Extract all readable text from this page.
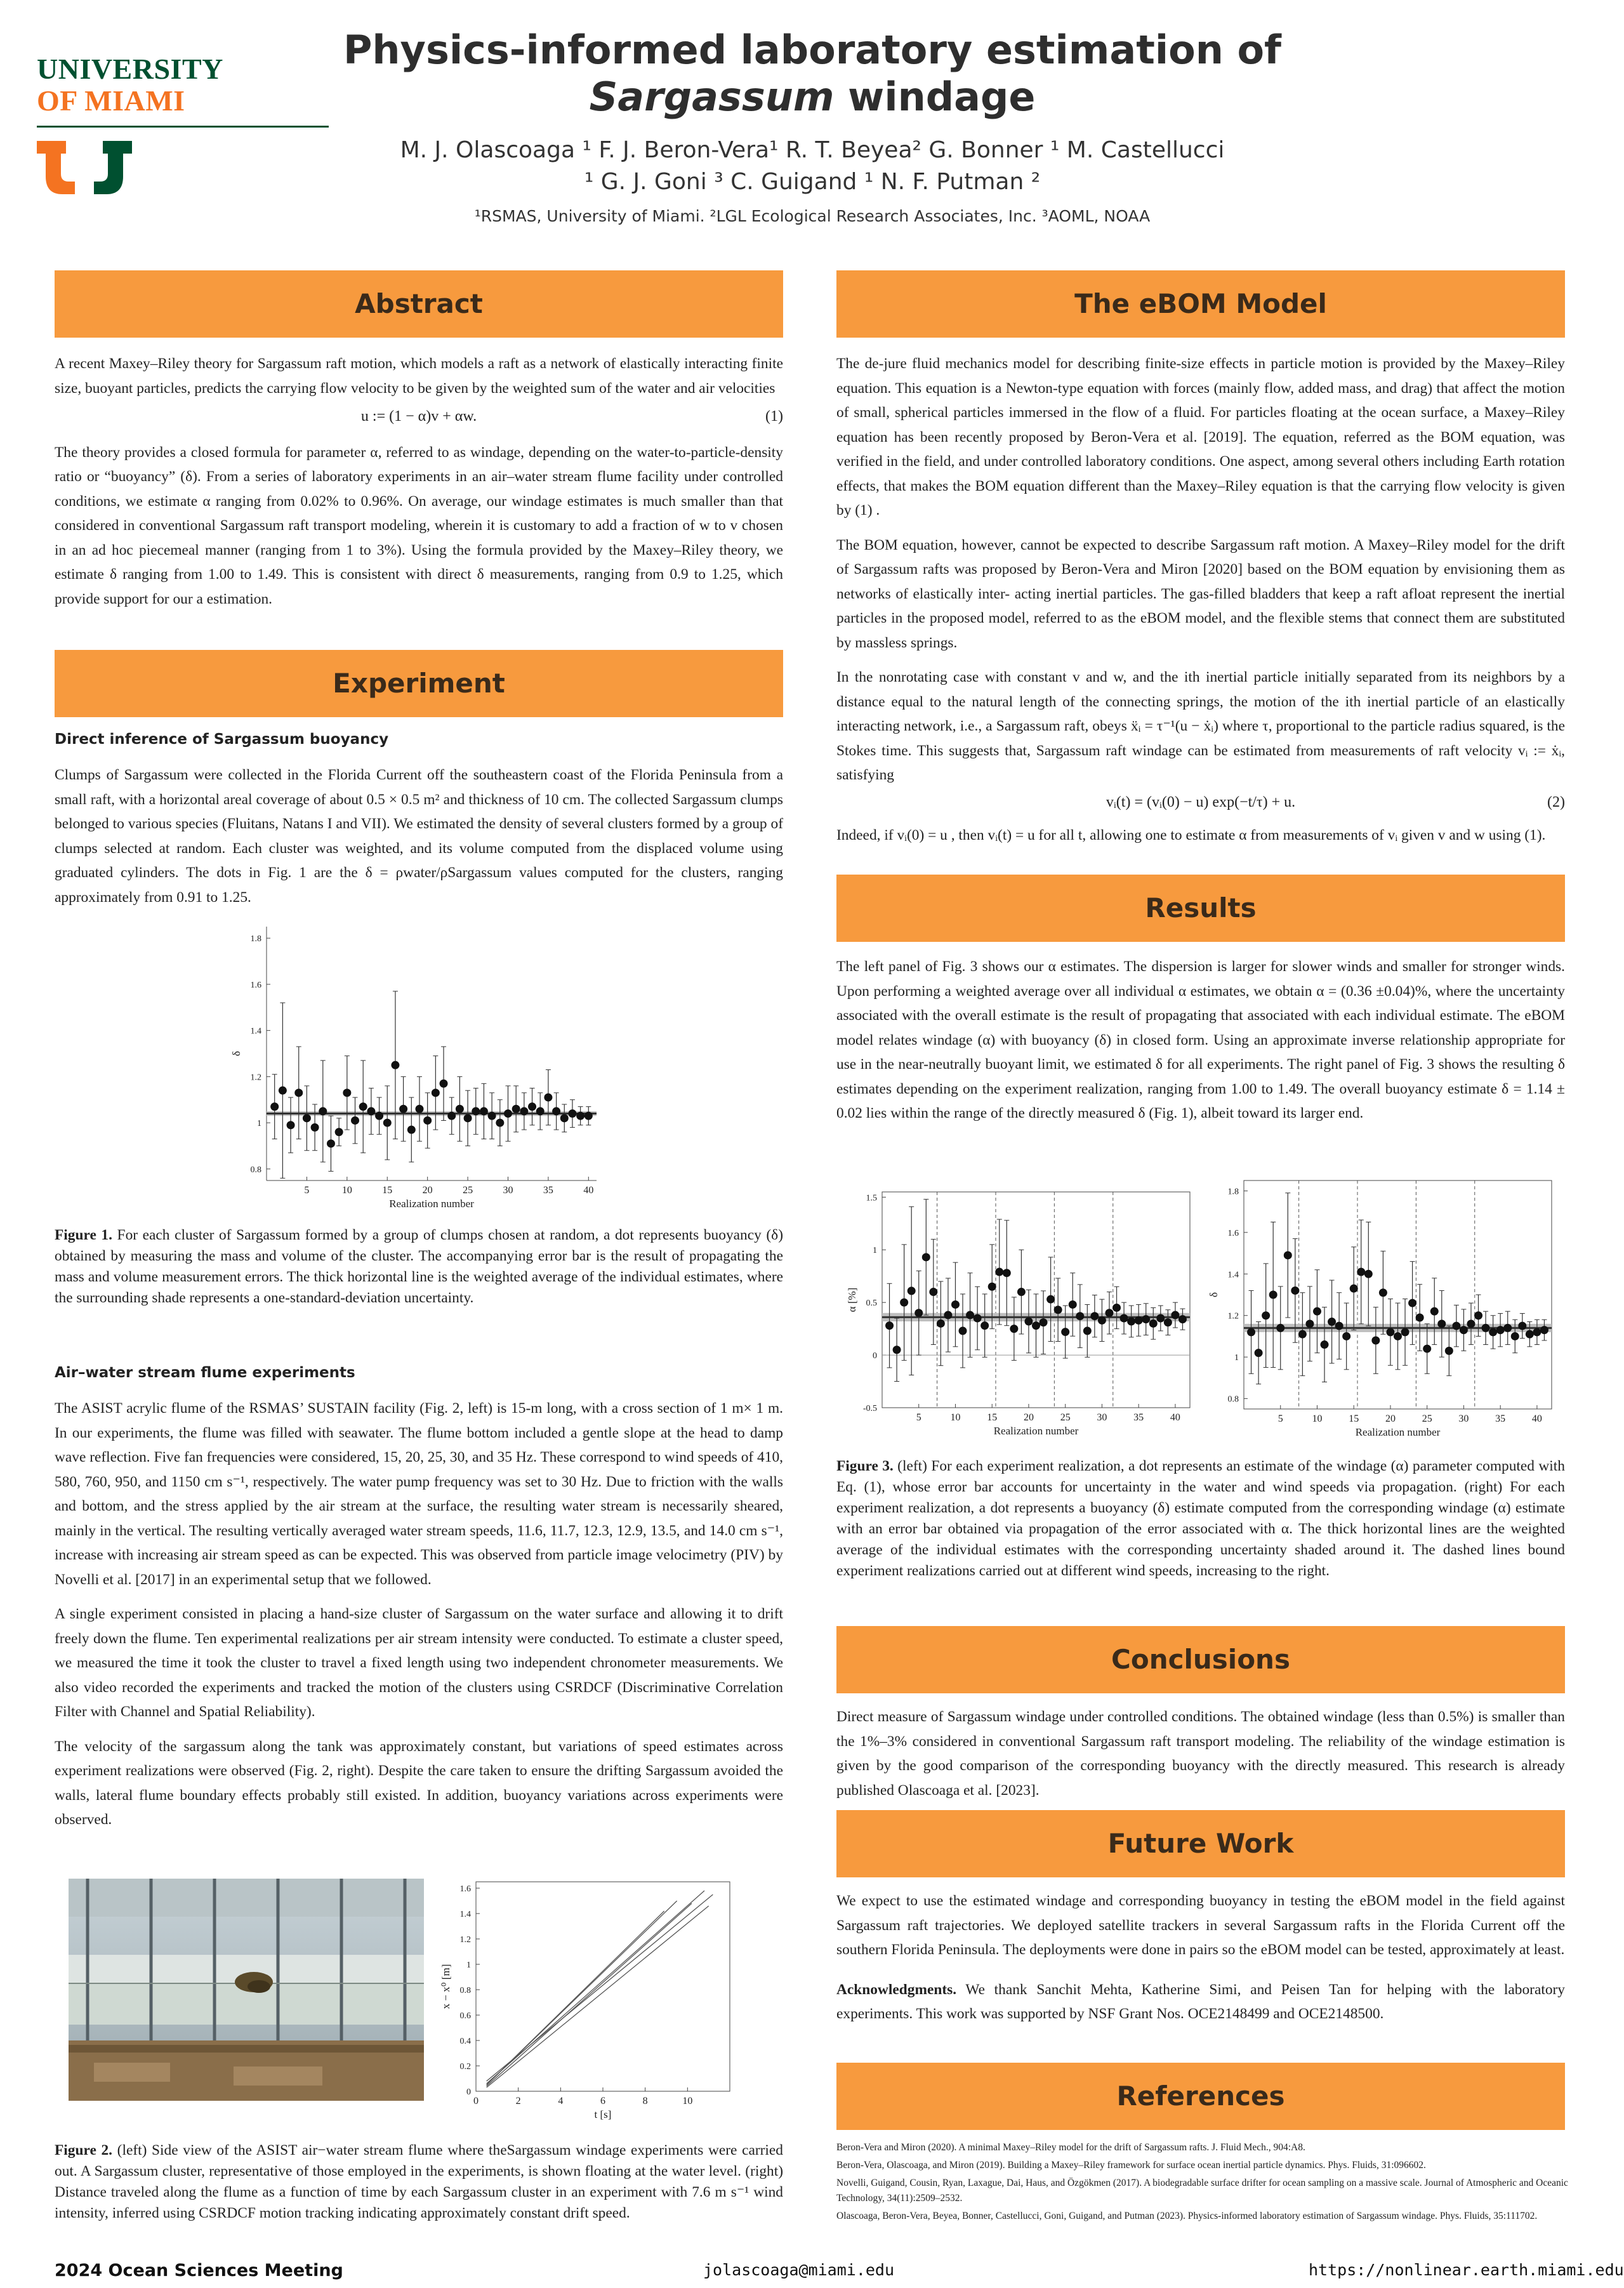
UNIVERSITY
OF MIAMI
Physics-informed laboratory estimation of
Sargassum windage
M. J. Olascoaga ¹ F. J. Beron-Vera¹ R. T. Beyea² G. Bonner ¹ M. Castellucci
¹ G. J. Goni ³ C. Guigand ¹ N. F. Putman ²
¹RSMAS, University of Miami. ²LGL Ecological Research Associates, Inc. ³AOML, NOAA
Abstract

A recent Maxey–Riley theory for Sargassum raft motion, which models a raft as a network of elastically interacting finite size, buoyant particles, predicts the carrying flow velocity to be given by the weighted sum of the water and air velocities

u := (1 − α)v + αw.	(1)

The theory provides a closed formula for parameter α, referred to as windage, depending on the water-to-particle-density ratio or “buoyancy” (δ). From a series of laboratory experiments in an air–water stream flume facility under controlled conditions, we estimate α ranging from 0.02% to 0.96%. On average, our windage estimates is much smaller than that considered in conventional Sargassum raft transport modeling, wherein it is customary to add a fraction of w to v chosen in an ad hoc piecemeal manner (ranging from 1 to 3%). Using the formula provided by the Maxey–Riley theory, we estimate δ ranging from 1.00 to 1.49. This is consistent with direct δ measurements, ranging from 0.9 to 1.25, which provide support for our a estimation.

Experiment
Direct inference of Sargassum buoyancy
Clumps of Sargassum were collected in the Florida Current off the southeastern coast of the Florida Peninsula from a small raft, with a horizontal areal coverage of about 0.5 × 0.5 m² and thickness of 10 cm. The collected Sargassum clumps belonged to various species (Fluitans, Natans I and VII). We estimated the density of several clusters formed by a group of clumps selected at random. Each cluster was weighted, and its volume computed from the displaced volume using graduated cylinders. The dots in Fig. 1 are the δ = ρwater/ρSargassum values computed for the clusters, ranging approximately from 0.91 to 1.25.
5	10	15	20	25	30	35	40
0.8
1
1.2
1.4
1.6
1.8
Realization number
δ
Figure 1. For each cluster of Sargassum formed by a group of clumps chosen at random, a dot represents buoyancy (δ) obtained by measuring the mass and volume of the cluster. The accompanying error bar is the result of propagating the mass and volume measurement errors. The thick horizontal line is the weighted average of the individual estimates, where the surrounding shade represents a one-standard-deviation uncertainty.
Air–water stream flume experiments

The ASIST acrylic flume of the RSMAS’ SUSTAIN facility (Fig. 2, left) is 15-m long, with a cross section of 1 m× 1 m. In our experiments, the flume was filled with seawater. The flume bottom included a gentle slope at the head to damp wave reflection. Five fan frequencies were considered, 15, 20, 25, 30, and 35 Hz. These correspond to wind speeds of 410, 580, 760, 950, and 1150 cm s⁻¹, respectively. The water pump frequency was set to 30 Hz. Due to friction with the walls and bottom, and the stress applied by the air stream at the surface, the resulting water stream is necessarily sheared, mainly in the vertical. The resulting vertically averaged water stream speeds, 11.6, 11.7, 12.3, 12.9, 13.5, and 14.0 cm s⁻¹, increase with increasing air stream speed as can be expected. This was observed from particle image velocimetry (PIV) by Novelli et al. [2017] in an experimental setup that we followed.

A single experiment consisted in placing a hand-size cluster of Sargassum on the water surface and allowing it to drift freely down the flume. Ten experimental realizations per air stream intensity were conducted. To estimate a cluster speed, we measured the time it took the cluster to travel a fixed length using two independent chronometer measurements. We also video recorded the experiments and tracked the motion of the clusters using CSRDCF (Discriminative Correlation Filter with Channel and Spatial Reliability).

The velocity of the sargassum along the tank was approximately constant, but variations of speed estimates across experiment realizations were observed (Fig. 2, right). Despite the care taken to ensure the drifting Sargassum avoided the walls, lateral flume boundary effects probably still existed. In addition, buoyancy variations across experiments were observed.

0	2	4	6	8	10
0
0.2
0.4
0.6
0.8
1
1.2
1.4
1.6
t [s]
x − x⁰ [m]
Figure 2. (left) Side view of the ASIST air−water stream flume where theSargassum windage experiments were carried out. A Sargassum cluster, representative of those employed in the experiments, is shown floating at the water level. (right) Distance traveled along the flume as a function of time by each Sargassum cluster in an experiment with 7.6 m s⁻¹ wind intensity, inferred using CSRDCF motion tracking indicating approximately constant drift speed.
The eBOM Model

The de-jure fluid mechanics model for describing finite-size effects in particle motion is provided by the Maxey–Riley equation. This equation is a Newton-type equation with forces (mainly flow, added mass, and drag) that affect the motion of small, spherical particles immersed in the flow of a fluid. For particles floating at the ocean surface, a Maxey–Riley equation has been recently proposed by Beron-Vera et al. [2019]. The equation, referred as the BOM equation, was verified in the field, and under controlled laboratory conditions. One aspect, among several others including Earth rotation effects, that makes the BOM equation different than the Maxey–Riley equation is that the carrying flow velocity is given by (1) .

The BOM equation, however, cannot be expected to describe Sargassum raft motion. A Maxey–Riley model for the drift of Sargassum rafts was proposed by Beron-Vera and Miron [2020] based on the BOM equation by envisioning them as networks of elastically inter- acting inertial particles. The gas-filled bladders that keep a raft afloat represent the inertial particles in the proposed model, referred to as the eBOM model, and the flexible stems that connect them are substituted by massless springs.

In the nonrotating case with constant v and w, and the ith inertial particle initially separated from its neighbors by a distance equal to the natural length of the connecting springs, the motion of the ith inertial particle of an elastically interacting network, i.e., a Sargassum raft, obeys ẍᵢ = τ⁻¹(u − ẋᵢ) where τ, proportional to the particle radius squared, is the Stokes time. This suggests that, Sargassum raft windage can be estimated from measurements of raft velocity vᵢ := ẋᵢ, satisfying

vᵢ(t) = (vᵢ(0) − u) exp(−t/τ) + u.	(2)

Indeed, if vᵢ(0) = u , then vᵢ(t) = u for all t, allowing one to estimate α from measurements of vᵢ given v and w using (1).

Results
The left panel of Fig. 3 shows our α estimates. The dispersion is larger for slower winds and smaller for stronger winds. Upon performing a weighted average over all individual α estimates, we obtain α = (0.36 ±0.04)%, where the uncertainty associated with the overall estimate is the result of propagating that associated with each individual estimate. The eBOM model relates windage (α) with buoyancy (δ) in closed form. Using an approximate inverse relationship appropriate for use in the near-neutrally buoyant limit, we estimated δ for all experiments. The right panel of Fig. 3 shows the resulting δ estimates depending on the experiment realization, ranging from 1.00 to 1.49. The overall buoyancy estimate δ = 1.14 ± 0.02 lies within the range of the directly measured δ (Fig. 1), albeit toward its larger end.
5	10	15	20	25	30	35	40
-0.5
0
0.5
1
1.5
Realization number
α [%]
5	10	15	20	25	30	35	40
0.8
1
1.2
1.4
1.6
1.8
Realization number
δ
Figure 3. (left) For each experiment realization, a dot represents an estimate of the windage (α) parameter computed with Eq. (1), whose error bar accounts for uncertainty in the water and wind speeds via propagation. (right) For each experiment realization, a dot represents a buoyancy (δ) estimate computed from the corresponding windage (α) estimate with an error bar obtained via propagation of the error associated with α. The thick horizontal lines are the weighted average of the individual estimates with the corresponding uncertainty shaded around it. The dashed lines bound experiment realizations carried out at different wind speeds, increasing to the right.
Conclusions
Direct measure of Sargassum windage under controlled conditions. The obtained windage (less than 0.5%) is smaller than the 1%–3% considered in conventional Sargassum raft transport modeling. The reliability of the windage estimation is given by the good comparison of the corresponding buoyancy with the directly measured. This research is already published Olascoaga et al. [2023].
Future Work

We expect to use the estimated windage and corresponding buoyancy in testing the eBOM model in the field against Sargassum raft trajectories. We deployed satellite trackers in several Sargassum rafts in the Florida Current off the southern Florida Peninsula. The deployments were done in pairs so the eBOM model can be tested, approximately at least.

Acknowledgments. We thank Sanchit Mehta, Katherine Simi, and Peisen Tan for helping with the laboratory experiments. This work was supported by NSF Grant Nos. OCE2148499 and OCE2148500.

References
Beron-Vera and Miron (2020). A minimal Maxey–Riley model for the drift of Sargassum rafts. J. Fluid Mech., 904:A8.
Beron-Vera, Olascoaga, and Miron (2019). Building a Maxey–Riley framework for surface ocean inertial particle dynamics. Phys. Fluids, 31:096602.
Novelli, Guigand, Cousin, Ryan, Laxague, Dai, Haus, and Özgökmen (2017). A biodegradable surface drifter for ocean sampling on a massive scale. Journal of Atmospheric and Oceanic Technology, 34(11):2509–2532.
Olascoaga, Beron-Vera, Beyea, Bonner, Castellucci, Goni, Guigand, and Putman (2023). Physics-informed laboratory estimation of Sargassum windage. Phys. Fluids, 35:111702.
2024 Ocean Sciences Meeting	jolascoaga@miami.edu	https://nonlinear.earth.miami.edu
